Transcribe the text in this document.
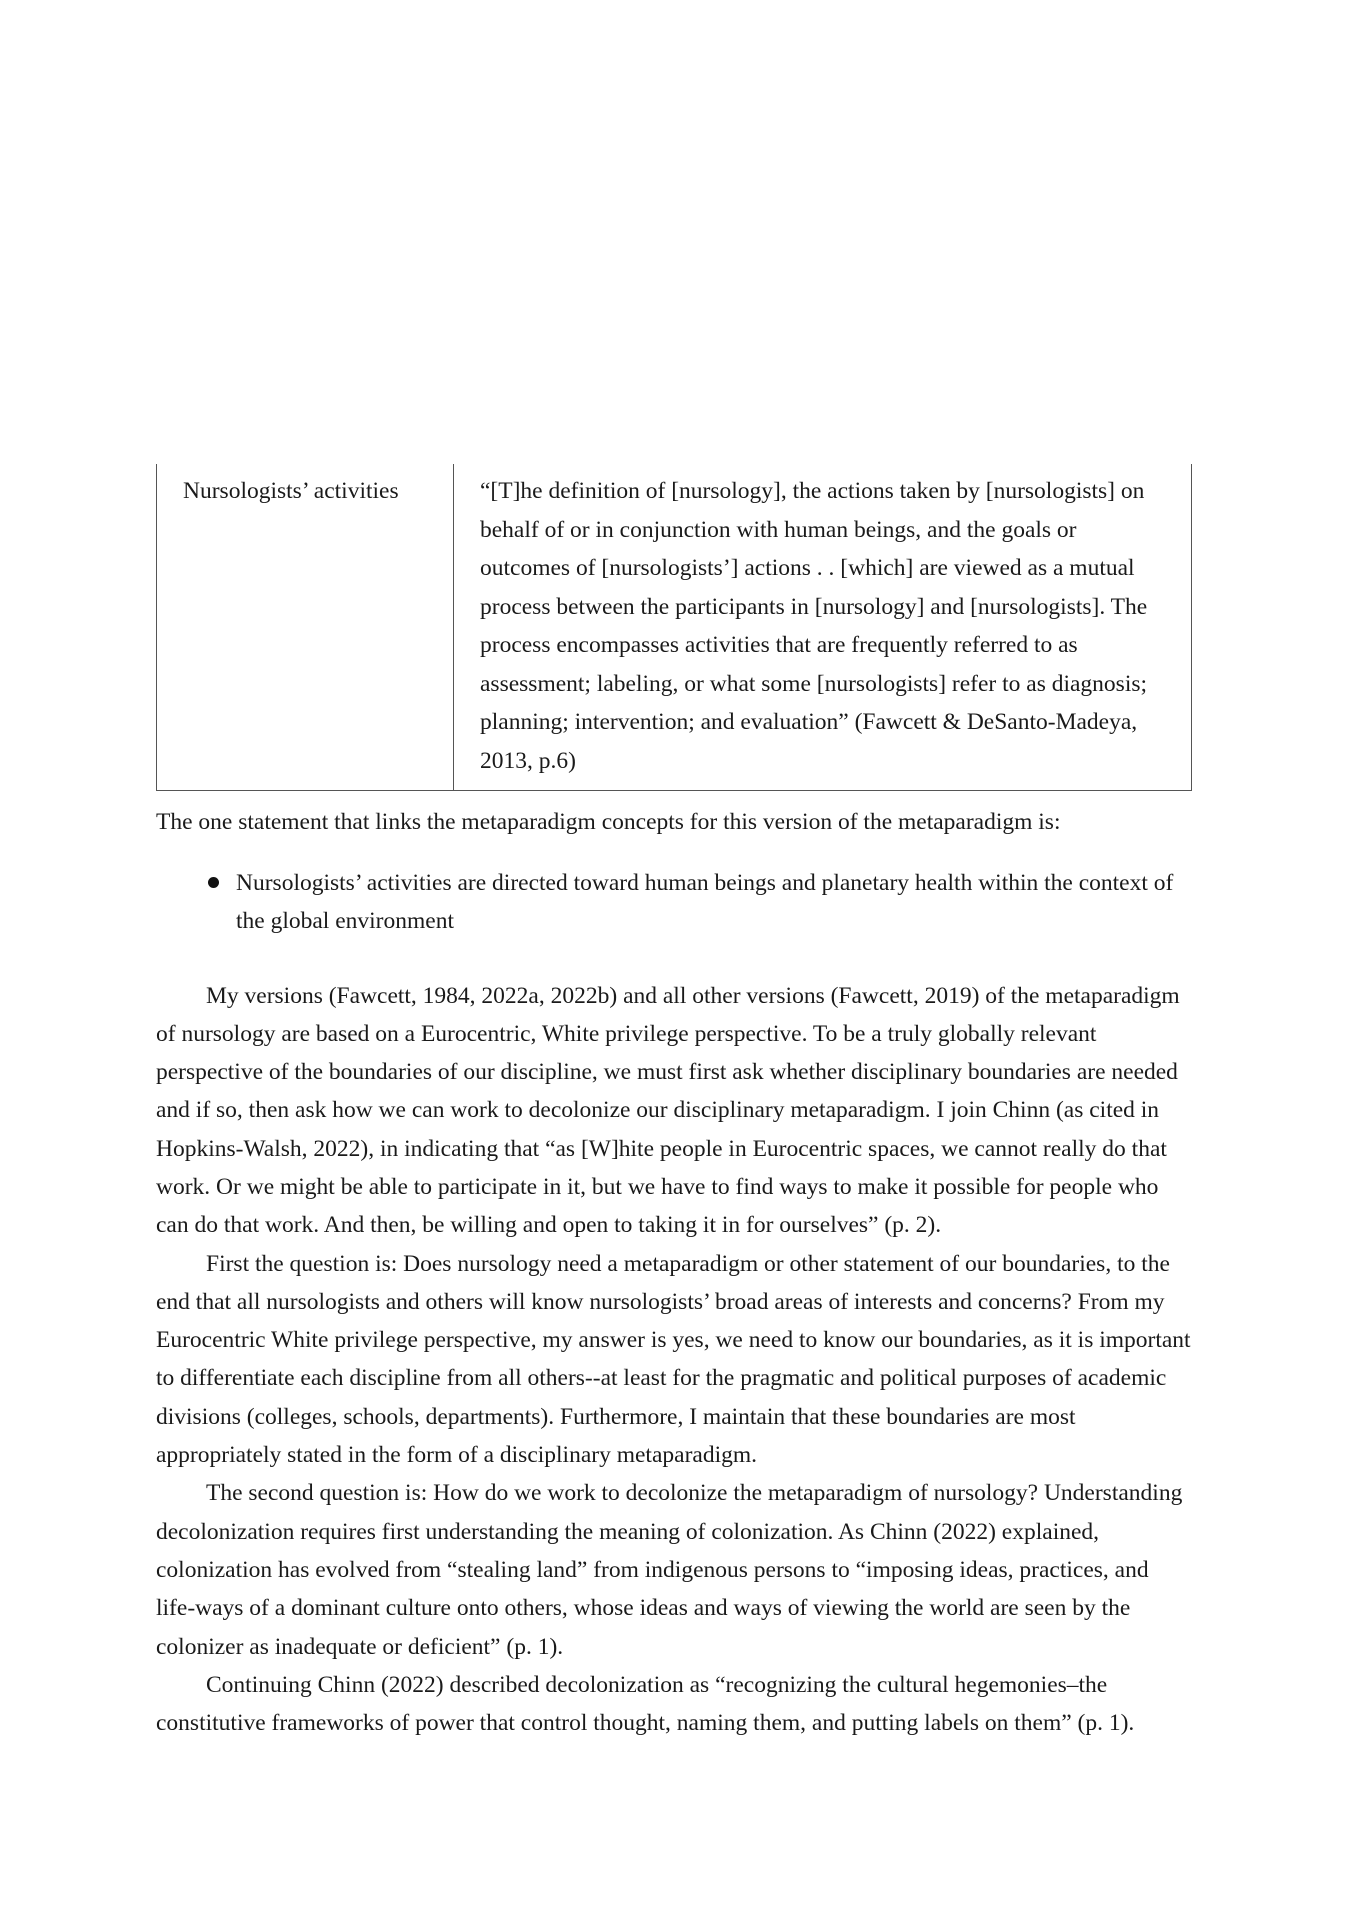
Nursologists’ activities	“[T]he definition of [nursology], the actions taken by [nursologists] on behalf of or in conjunction with human beings, and the goals or outcomes of [nursologists’] actions . . [which] are viewed as a mutual process between the participants in [nursology] and [nursologists]. The process encompasses activities that are frequently referred to as assessment; labeling, or what some [nursologists] refer to as diagnosis; planning; intervention; and evaluation” (Fawcett & DeSanto-Madeya, 2013, p.6)

The one statement that links the metaparadigm concepts for this version of the metaparadigm is:

Nursologists’ activities are directed toward human beings and planetary health within the context of the global environment

My versions (Fawcett, 1984, 2022a, 2022b) and all other versions (Fawcett, 2019) of the metaparadigm of nursology are based on a Eurocentric, White privilege perspective. To be a truly globally relevant perspective of the boundaries of our discipline, we must first ask whether disciplinary boundaries are needed and if so, then ask how we can work to decolonize our disciplinary metaparadigm. I join Chinn (as cited in Hopkins-Walsh, 2022), in indicating that “as [W]hite people in Eurocentric spaces, we cannot really do that work. Or we might be able to participate in it, but we have to find ways to make it possible for people who can do that work. And then, be willing and open to taking it in for ourselves” (p. 2).

First the question is: Does nursology need a metaparadigm or other statement of our boundaries, to the end that all nursologists and others will know nursologists’ broad areas of interests and concerns? From my Eurocentric White privilege perspective, my answer is yes, we need to know our boundaries, as it is important to differentiate each discipline from all others--at least for the pragmatic and political purposes of academic divisions (colleges, schools, departments). Furthermore, I maintain that these boundaries are most appropriately stated in the form of a disciplinary metaparadigm.

The second question is: How do we work to decolonize the metaparadigm of nursology? Understanding decolonization requires first understanding the meaning of colonization. As Chinn (2022) explained, colonization has evolved from “stealing land” from indigenous persons to “imposing ideas, practices, and life-ways of a dominant culture onto others, whose ideas and ways of viewing the world are seen by the colonizer as inadequate or deficient” (p. 1).

Continuing Chinn (2022) described decolonization as “recognizing the cultural hegemonies–the constitutive frameworks of power that control thought, naming them, and putting labels on them” (p. 1).
